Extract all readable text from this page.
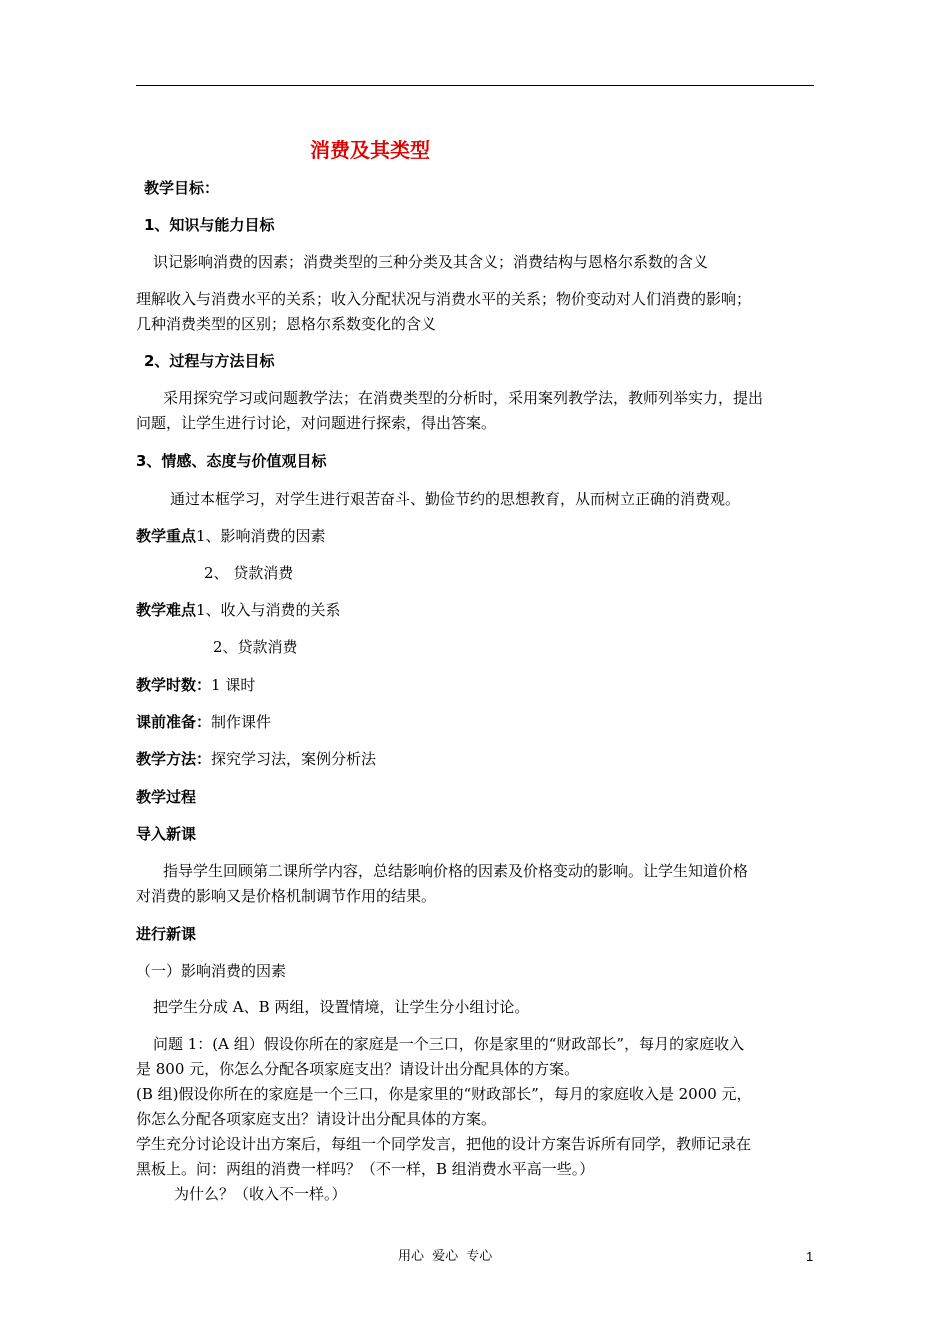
消费及其类型
教学目标：
1、知识与能力目标
识记影响消费的因素；消费类型的三种分类及其含义；消费结构与恩格尔系数的含义
理解收入与消费水平的关系；收入分配状况与消费水平的关系；物价变动对人们消费的影响；
几种消费类型的区别；恩格尔系数变化的含义
2、过程与方法目标
采用探究学习或问题教学法；在消费类型的分析时，采用案列教学法，教师列举实力，提出
问题，让学生进行讨论，对问题进行探索，得出答案。
3、情感、态度与价值观目标
通过本框学习，对学生进行艰苦奋斗、勤俭节约的思想教育，从而树立正确的消费观。
教学重点1、影响消费的因素
2、 贷款消费
教学难点1、收入与消费的关系
2、贷款消费
教学时数：1 课时
课前准备：制作课件
教学方法：探究学习法，案例分析法
教学过程
导入新课
指导学生回顾第二课所学内容，总结影响价格的因素及价格变动的影响。让学生知道价格
对消费的影响又是价格机制调节作用的结果。
进行新课
（一）影响消费的因素
把学生分成 A、B 两组，设置情境，让学生分小组讨论。
问题 1：(A 组）假设你所在的家庭是一个三口，你是家里的“财政部长”，每月的家庭收入
是 800 元，你怎么分配各项家庭支出？请设计出分配具体的方案。
(B 组)假设你所在的家庭是一个三口，你是家里的“财政部长”，每月的家庭收入是 2000 元，
你怎么分配各项家庭支出？请设计出分配具体的方案。
学生充分讨论设计出方案后，每组一个同学发言，把他的设计方案告诉所有同学，教师记录在
黑板上。问：两组的消费一样吗？（不一样，B 组消费水平高一些。）
为什么？（收入不一样。）
用心 爱心 专心	1
